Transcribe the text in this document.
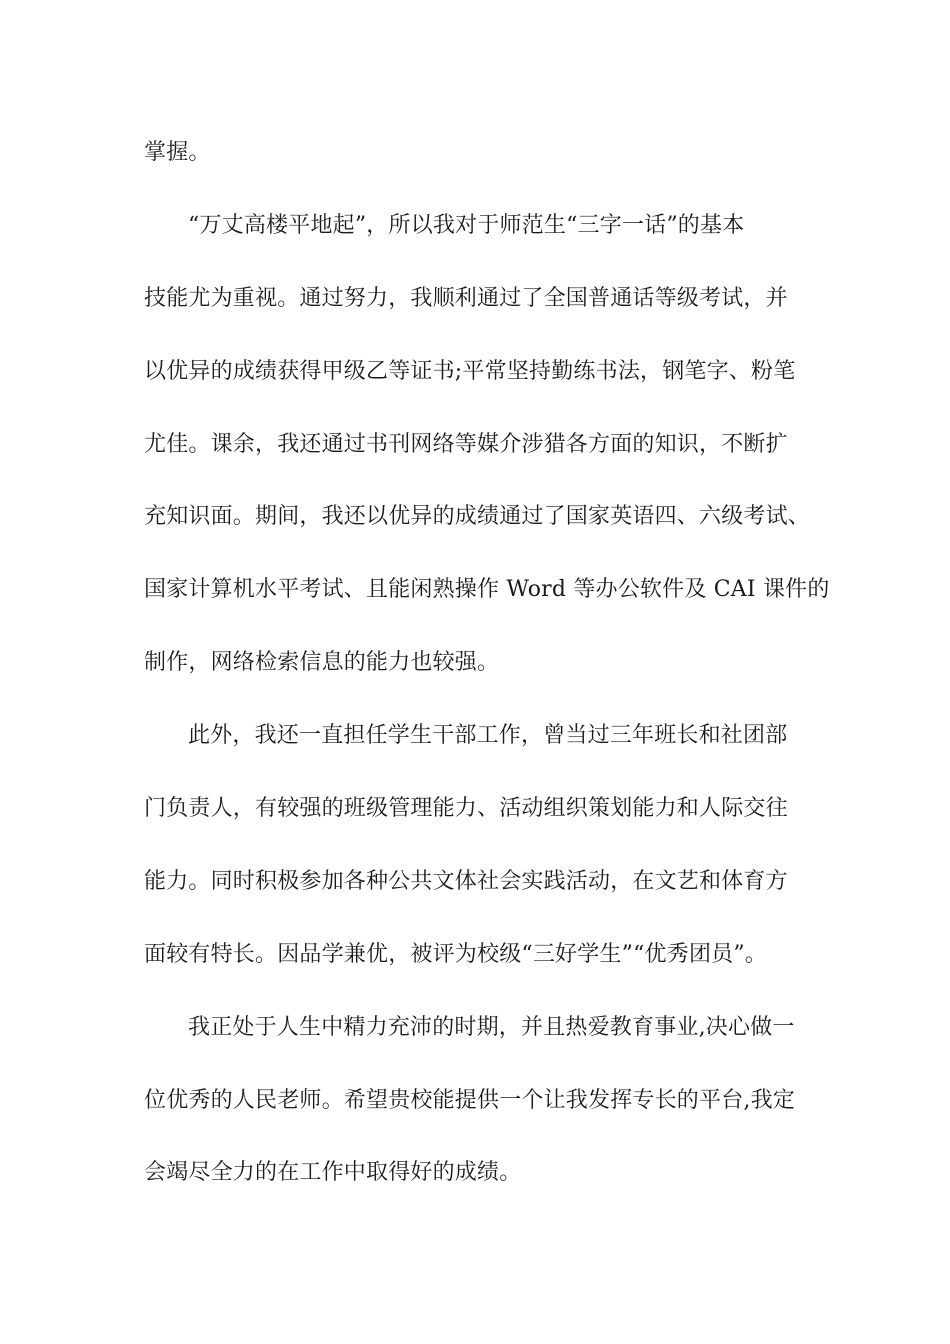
掌握。
“万丈高楼平地起”，所以我对于师范生“三字一话”的基本
技能尤为重视。通过努力，我顺利通过了全国普通话等级考试，并
以优异的成绩获得甲级乙等证书;平常坚持勤练书法，钢笔字、粉笔
尤佳。课余，我还通过书刊网络等媒介涉猎各方面的知识，不断扩
充知识面。期间，我还以优异的成绩通过了国家英语四、六级考试、
国家计算机水平考试、且能闲熟操作 Word 等办公软件及 CAI 课件的
制作，网络检索信息的能力也较强。
此外，我还一直担任学生干部工作，曾当过三年班长和社团部
门负责人，有较强的班级管理能力、活动组织策划能力和人际交往
能力。同时积极参加各种公共文体社会实践活动，在文艺和体育方
面较有特长。因品学兼优，被评为校级“三好学生”“优秀团员”。
我正处于人生中精力充沛的时期，并且热爱教育事业,决心做一
位优秀的人民老师。希望贵校能提供一个让我发挥专长的平台,我定
会竭尽全力的在工作中取得好的成绩。
